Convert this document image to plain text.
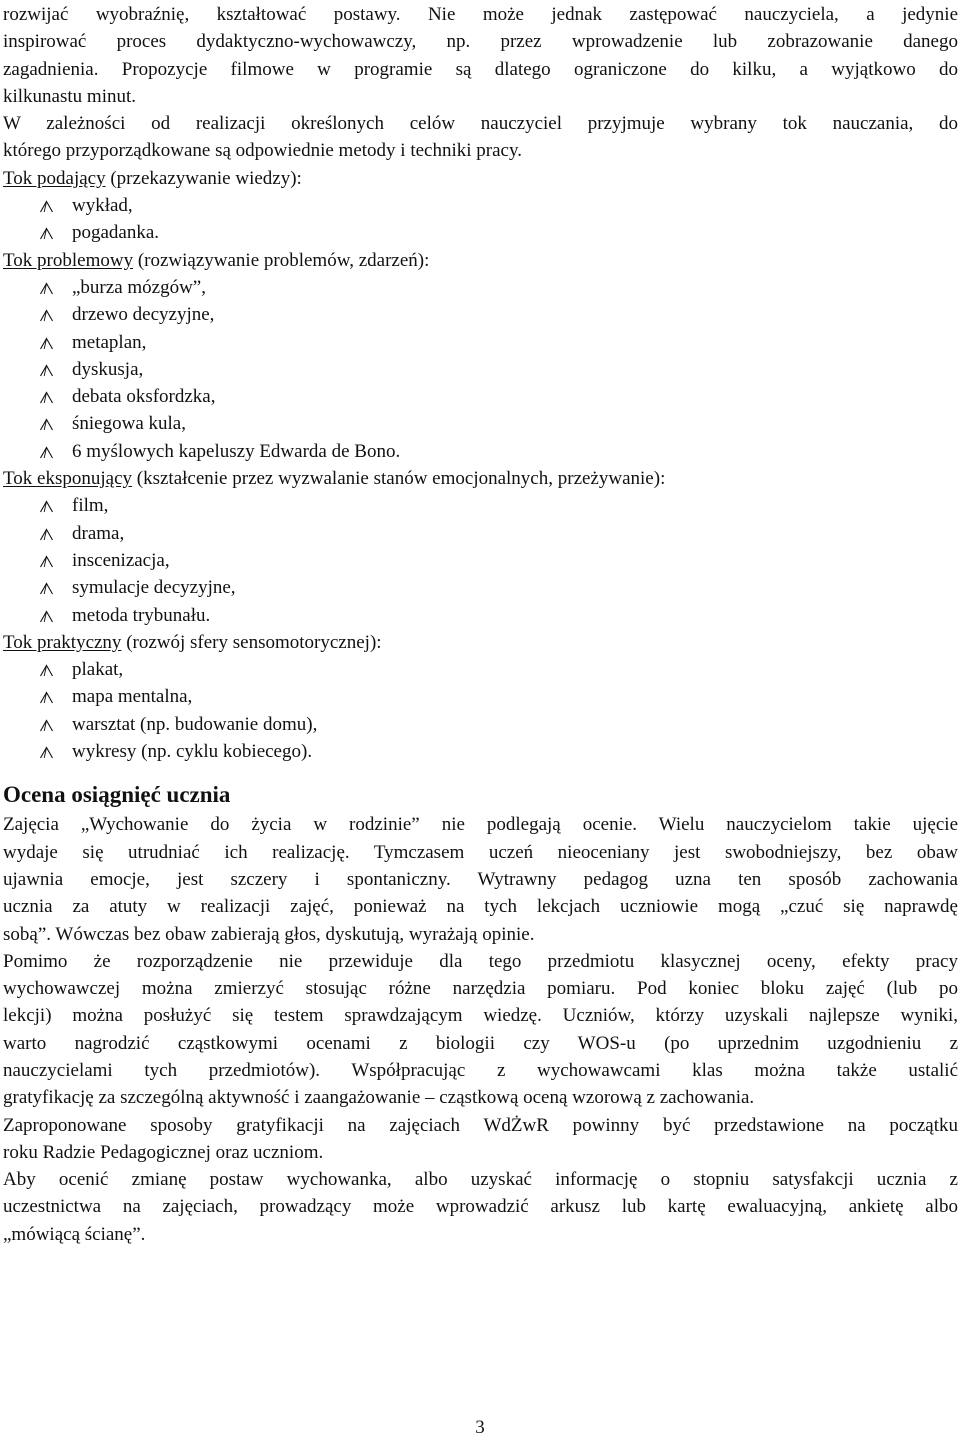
rozwijać wyobraźnię, kształtować postawy. Nie może jednak zastępować nauczyciela, a jedynie

inspirować proces dydaktyczno-wychowawczy, np. przez wprowadzenie lub zobrazowanie danego

zagadnienia. Propozycje filmowe w programie są dlatego ograniczone do kilku, a wyjątkowo do

kilkunastu minut.

W zależności od realizacji określonych celów nauczyciel przyjmuje wybrany tok nauczania, do

którego przyporządkowane są odpowiednie metody i techniki pracy.

Tok podający (przekazywanie wiedzy):

wykład,
pogadanka.

Tok problemowy (rozwiązywanie problemów, zdarzeń):

„burza mózgów”,
drzewo decyzyjne,
metaplan,
dyskusja,
debata oksfordzka,
śniegowa kula,
6 myślowych kapeluszy Edwarda de Bono.

Tok eksponujący (kształcenie przez wyzwalanie stanów emocjonalnych, przeżywanie):

film,
drama,
inscenizacja,
symulacje decyzyjne,
metoda trybunału.

Tok praktyczny (rozwój sfery sensomotorycznej):

plakat,
mapa mentalna,
warsztat (np. budowanie domu),
wykresy (np. cyklu kobiecego).
Ocena osiągnięć ucznia

Zajęcia „Wychowanie do życia w rodzinie” nie podlegają ocenie. Wielu nauczycielom takie ujęcie

wydaje się utrudniać ich realizację. Tymczasem uczeń nieoceniany jest swobodniejszy, bez obaw

ujawnia emocje, jest szczery i spontaniczny. Wytrawny pedagog uzna ten sposób zachowania

ucznia za atuty w realizacji zajęć, ponieważ na tych lekcjach uczniowie mogą „czuć się naprawdę

sobą”. Wówczas bez obaw zabierają głos, dyskutują, wyrażają opinie.

Pomimo że rozporządzenie nie przewiduje dla tego przedmiotu klasycznej oceny, efekty pracy

wychowawczej można zmierzyć stosując różne narzędzia pomiaru. Pod koniec bloku zajęć (lub po

lekcji) można posłużyć się testem sprawdzającym wiedzę. Uczniów, którzy uzyskali najlepsze wyniki,

warto nagrodzić cząstkowymi ocenami z biologii czy WOS-u (po uprzednim uzgodnieniu z

nauczycielami tych przedmiotów). Współpracując z wychowawcami klas można także ustalić

gratyfikację za szczególną aktywność i zaangażowanie – cząstkową oceną wzorową z zachowania.

Zaproponowane sposoby gratyfikacji na zajęciach WdŻwR powinny być przedstawione na początku

roku Radzie Pedagogicznej oraz uczniom.

Aby ocenić zmianę postaw wychowanka, albo uzyskać informację o stopniu satysfakcji ucznia z

uczestnictwa na zajęciach, prowadzący może wprowadzić arkusz lub kartę ewaluacyjną, ankietę albo

„mówiącą ścianę”.

3
